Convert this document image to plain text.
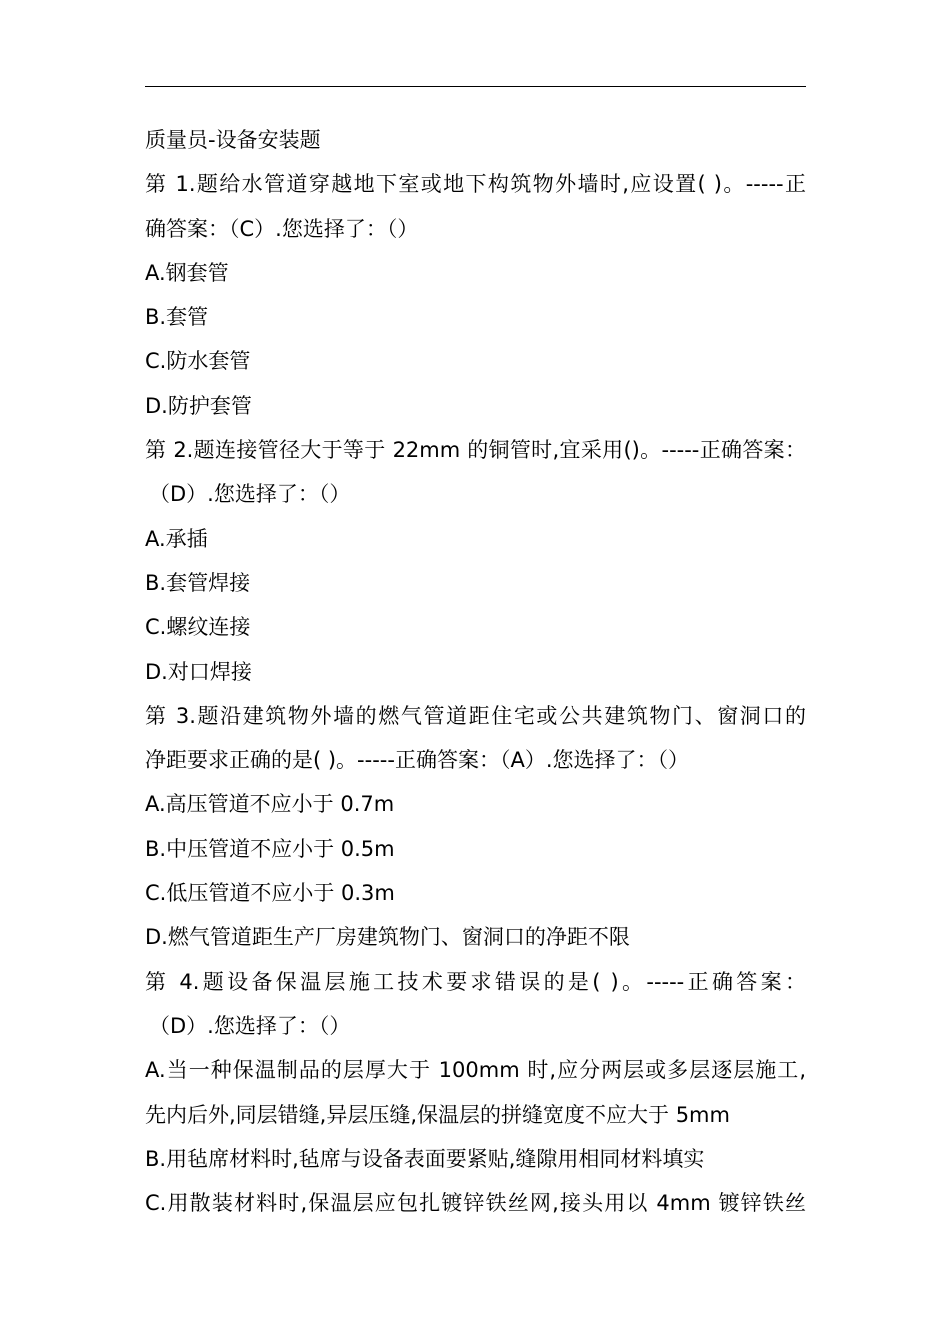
质量员-设备安装题
第 1.题给水管道穿越地下室或地下构筑物外墙时,应设置( )。-----正
确答案：（C）.您选择了：（）
A.钢套管
B.套管
C.防水套管
D.防护套管
第 2.题连接管径大于等于 22mm 的铜管时,宜采用()。-----正确答案：
（D）.您选择了：（）
A.承插
B.套管焊接
C.螺纹连接
D.对口焊接
第 3.题沿建筑物外墙的燃气管道距住宅或公共建筑物门、窗洞口的
净距要求正确的是( )。-----正确答案：（A）.您选择了：（）
A.高压管道不应小于 0.7m
B.中压管道不应小于 0.5m
C.低压管道不应小于 0.3m
D.燃气管道距生产厂房建筑物门、窗洞口的净距不限
第 4.题设备保温层施工技术要求错误的是( )。-----正确答案：
（D）.您选择了：（）
A.当一种保温制品的层厚大于 100mm 时,应分两层或多层逐层施工,
先内后外,同层错缝,异层压缝,保温层的拼缝宽度不应大于 5mm
B.用毡席材料时,毡席与设备表面要紧贴,缝隙用相同材料填实
C.用散装材料时,保温层应包扎镀锌铁丝网,接头用以 4mm 镀锌铁丝
